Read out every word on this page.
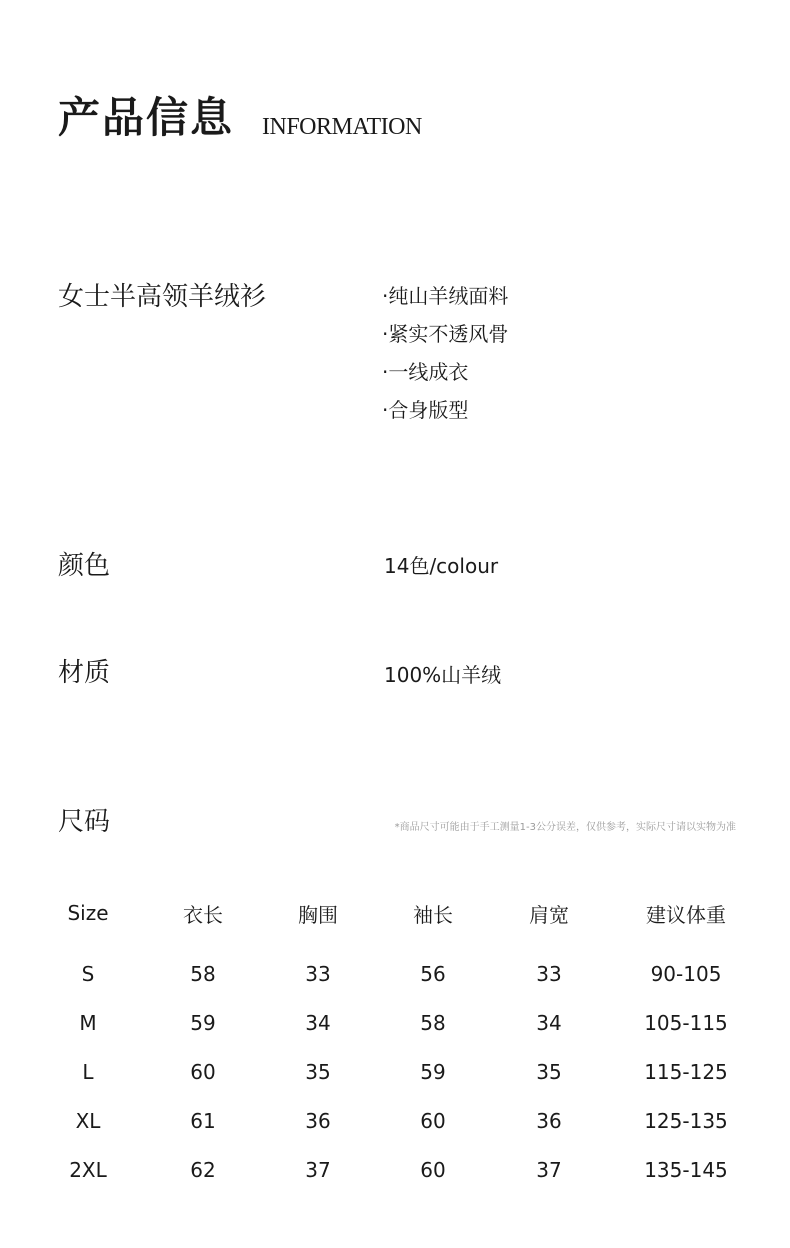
产品信息 INFORMATION
女士半高领羊绒衫	·纯山羊绒面料
·紧实不透风骨
·一线成衣
·合身版型
颜色	14色/colour
材质	100%山羊绒
尺码	*商品尺寸可能由于手工测量1-3公分误差，仅供参考，实际尺寸请以实物为准
Size	衣长	胸围	袖长	肩宽	建议体重

S	58	33	56	33	90-105
M	59	34	58	34	105-115
L	60	35	59	35	115-125
XL	61	36	60	36	125-135
2XL	62	37	60	37	135-145
